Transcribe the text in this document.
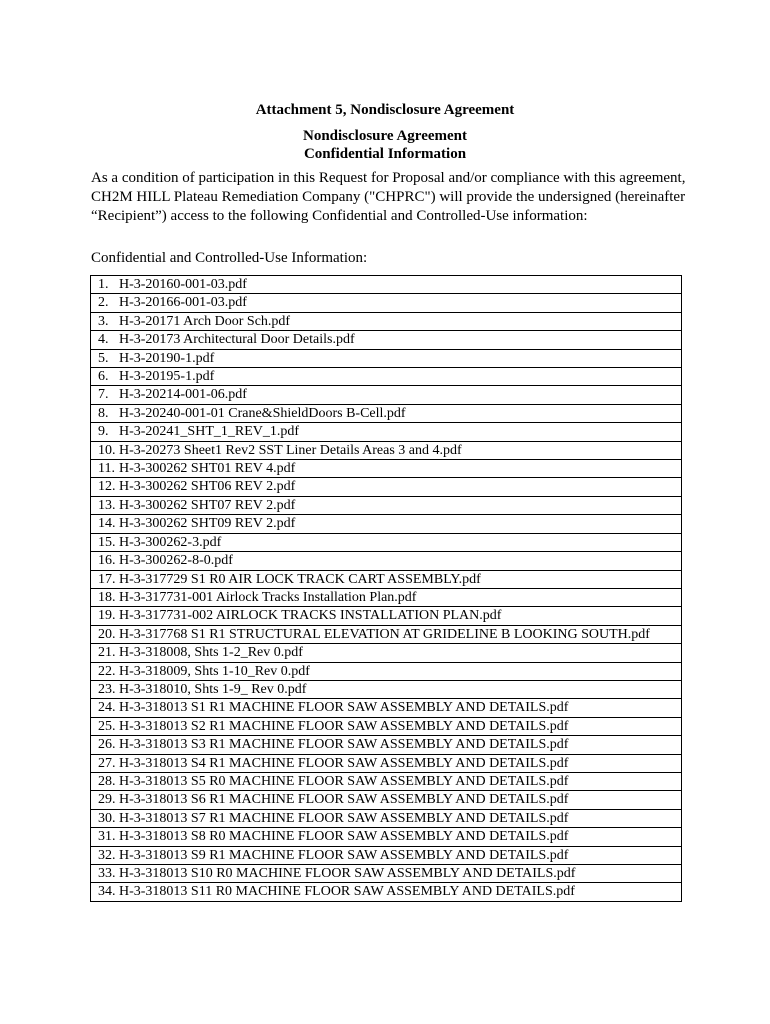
Attachment 5, Nondisclosure Agreement
Nondisclosure Agreement
Confidential Information

As a condition of participation in this Request for Proposal and/or compliance with this agreement, CH2M HILL Plateau Remediation Company ("CHPRC") will provide the undersigned (hereinafter “Recipient”) access to the following Confidential and Controlled-Use information:

Confidential and Controlled-Use Information:

1. H-3-20160-001-03.pdf
2. H-3-20166-001-03.pdf
3. H-3-20171 Arch Door Sch.pdf
4. H-3-20173 Architectural Door Details.pdf
5. H-3-20190-1.pdf
6. H-3-20195-1.pdf
7. H-3-20214-001-06.pdf
8. H-3-20240-001-01 Crane&ShieldDoors B-Cell.pdf
9. H-3-20241_SHT_1_REV_1.pdf
10. H-3-20273 Sheet1 Rev2 SST Liner Details Areas 3 and 4.pdf
11. H-3-300262 SHT01 REV 4.pdf
12. H-3-300262 SHT06 REV 2.pdf
13. H-3-300262 SHT07 REV 2.pdf
14. H-3-300262 SHT09 REV 2.pdf
15. H-3-300262-3.pdf
16. H-3-300262-8-0.pdf
17. H-3-317729 S1 R0 AIR LOCK TRACK CART ASSEMBLY.pdf
18. H-3-317731-001 Airlock Tracks Installation Plan.pdf
19. H-3-317731-002 AIRLOCK TRACKS INSTALLATION PLAN.pdf
20. H-3-317768 S1 R1 STRUCTURAL ELEVATION AT GRIDELINE B LOOKING SOUTH.pdf
21. H-3-318008, Shts 1-2_Rev 0.pdf
22. H-3-318009, Shts 1-10_Rev 0.pdf
23. H-3-318010, Shts 1-9_ Rev 0.pdf
24. H-3-318013 S1 R1 MACHINE FLOOR SAW ASSEMBLY AND DETAILS.pdf
25. H-3-318013 S2 R1 MACHINE FLOOR SAW ASSEMBLY AND DETAILS.pdf
26. H-3-318013 S3 R1 MACHINE FLOOR SAW ASSEMBLY AND DETAILS.pdf
27. H-3-318013 S4 R1 MACHINE FLOOR SAW ASSEMBLY AND DETAILS.pdf
28. H-3-318013 S5 R0 MACHINE FLOOR SAW ASSEMBLY AND DETAILS.pdf
29. H-3-318013 S6 R1 MACHINE FLOOR SAW ASSEMBLY AND DETAILS.pdf
30. H-3-318013 S7 R1 MACHINE FLOOR SAW ASSEMBLY AND DETAILS.pdf
31. H-3-318013 S8 R0 MACHINE FLOOR SAW ASSEMBLY AND DETAILS.pdf
32. H-3-318013 S9 R1 MACHINE FLOOR SAW ASSEMBLY AND DETAILS.pdf
33. H-3-318013 S10 R0 MACHINE FLOOR SAW ASSEMBLY AND DETAILS.pdf
34. H-3-318013 S11 R0 MACHINE FLOOR SAW ASSEMBLY AND DETAILS.pdf
